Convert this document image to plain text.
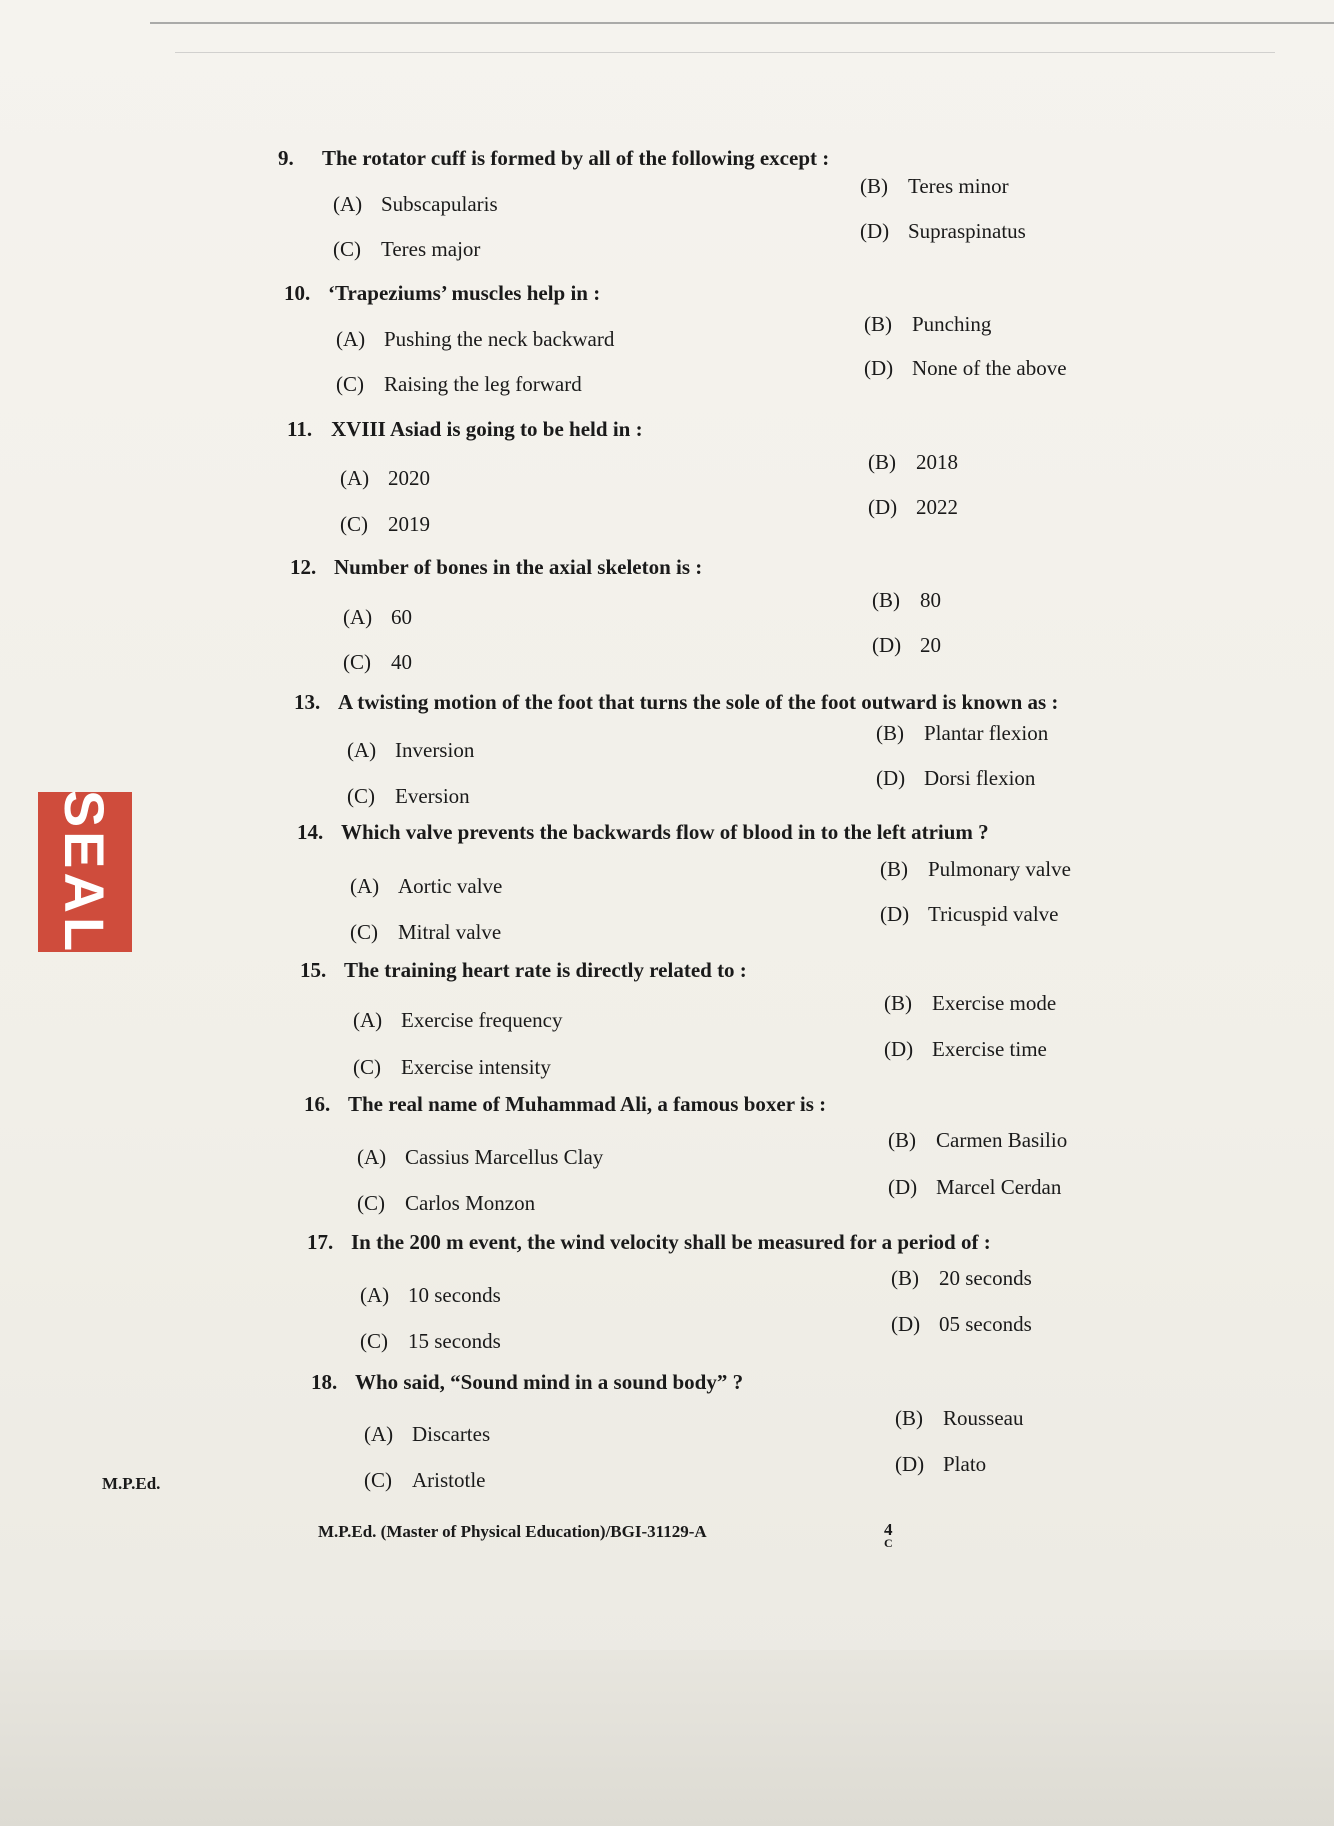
SEAL
9. The rotator cuff is formed by all of the following except :
(A) Subscapularis
(B) Teres minor
(C) Teres major
(D) Supraspinatus
10. ‘Trapeziums’ muscles help in :
(A) Pushing the neck backward
(B) Punching
(C) Raising the leg forward
(D) None of the above
11. XVIII Asiad is going to be held in :
(A) 2020
(B) 2018
(C) 2019
(D) 2022
12. Number of bones in the axial skeleton is :
(A) 60
(B) 80
(C) 40
(D) 20
13. A twisting motion of the foot that turns the sole of the foot outward is known as :
(A) Inversion
(B) Plantar flexion
(C) Eversion
(D) Dorsi flexion
14. Which valve prevents the backwards flow of blood in to the left atrium ?
(A) Aortic valve
(B) Pulmonary valve
(C) Mitral valve
(D) Tricuspid valve
15. The training heart rate is directly related to :
(A) Exercise frequency
(B) Exercise mode
(C) Exercise intensity
(D) Exercise time
16. The real name of Muhammad Ali, a famous boxer is :
(A) Cassius Marcellus Clay
(B) Carmen Basilio
(C) Carlos Monzon
(D) Marcel Cerdan
17. In the 200 m event, the wind velocity shall be measured for a period of :
(A) 10 seconds
(B) 20 seconds
(C) 15 seconds
(D) 05 seconds
18. Who said, “Sound mind in a sound body” ?
(A) Discartes
(B) Rousseau
(C) Aristotle
(D) Plato
M.P.Ed.
M.P.Ed. (Master of Physical Education)/BGI-31129-A	4
C
